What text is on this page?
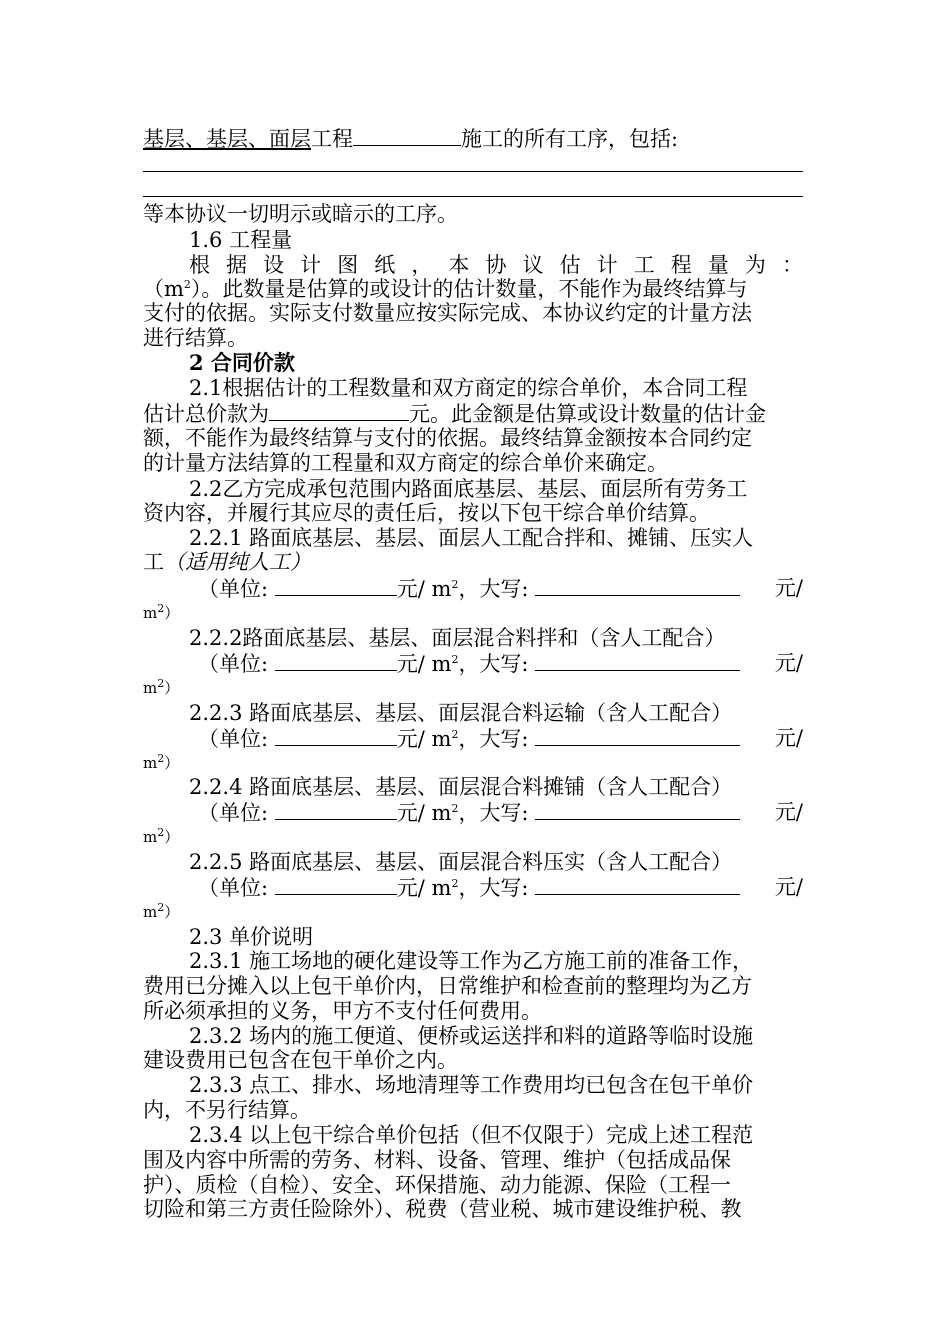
基层、基层、面层工程	施工的所有工序，包括:
等本协议一切明示或暗示的工序。
1.6 工程量
根据设计图纸，本协议估计工程量为：
$(m^2)$。此数量是估算的或设计的估计数量，不能作为最终结算与
支付的依据。实际支付数量应按实际完成、本协议约定的计量方法
进行结算。
2 合同价款
2.1根据估计的工程数量和双方商定的综合单价，本合同工程
估计总价款为	元。此金额是估算或设计数量的估计金
额，不能作为最终结算与支付的依据。最终结算金额按本合同约定
的计量方法结算的工程量和双方商定的综合单价来确定。
2.2乙方完成承包范围内路面底基层、基层、面层所有劳务工
资内容，并履行其应尽的责任后，按以下包干综合单价结算。
2.2.1 路面底基层、基层、面层人工配合拌和、摊铺、压实人
工（适用纯人工）
（单位:	元/ $m^2$，大写:	元/
$m^2$）
2.2.2路面底基层、基层、面层混合料拌和（含人工配合）
（单位:	元/ $m^2$，大写:	元/
$m^2$）
2.2.3 路面底基层、基层、面层混合料运输（含人工配合）
（单位:	元/ $m^2$，大写:	元/
$m^2$）
2.2.4 路面底基层、基层、面层混合料摊铺（含人工配合）
（单位:	元/ $m^2$，大写:	元/
$m^2$）
2.2.5 路面底基层、基层、面层混合料压实（含人工配合）
（单位:	元/ $m^2$，大写:	元/
$m^2$）
2.3 单价说明
2.3.1 施工场地的硬化建设等工作为乙方施工前的准备工作，
费用已分摊入以上包干单价内，日常维护和检查前的整理均为乙方
所必须承担的义务，甲方不支付任何费用。
2.3.2 场内的施工便道、便桥或运送拌和料的道路等临时设施
建设费用已包含在包干单价之内。
2.3.3 点工、排水、场地清理等工作费用均已包含在包干单价
内，不另行结算。
2.3.4 以上包干综合单价包括（但不仅限于）完成上述工程范
围及内容中所需的劳务、材料、设备、管理、维护（包括成品保
护）、质检（自检）、安全、环保措施、动力能源、保险（工程一
切险和第三方责任险除外）、税费（营业税、城市建设维护税、教
